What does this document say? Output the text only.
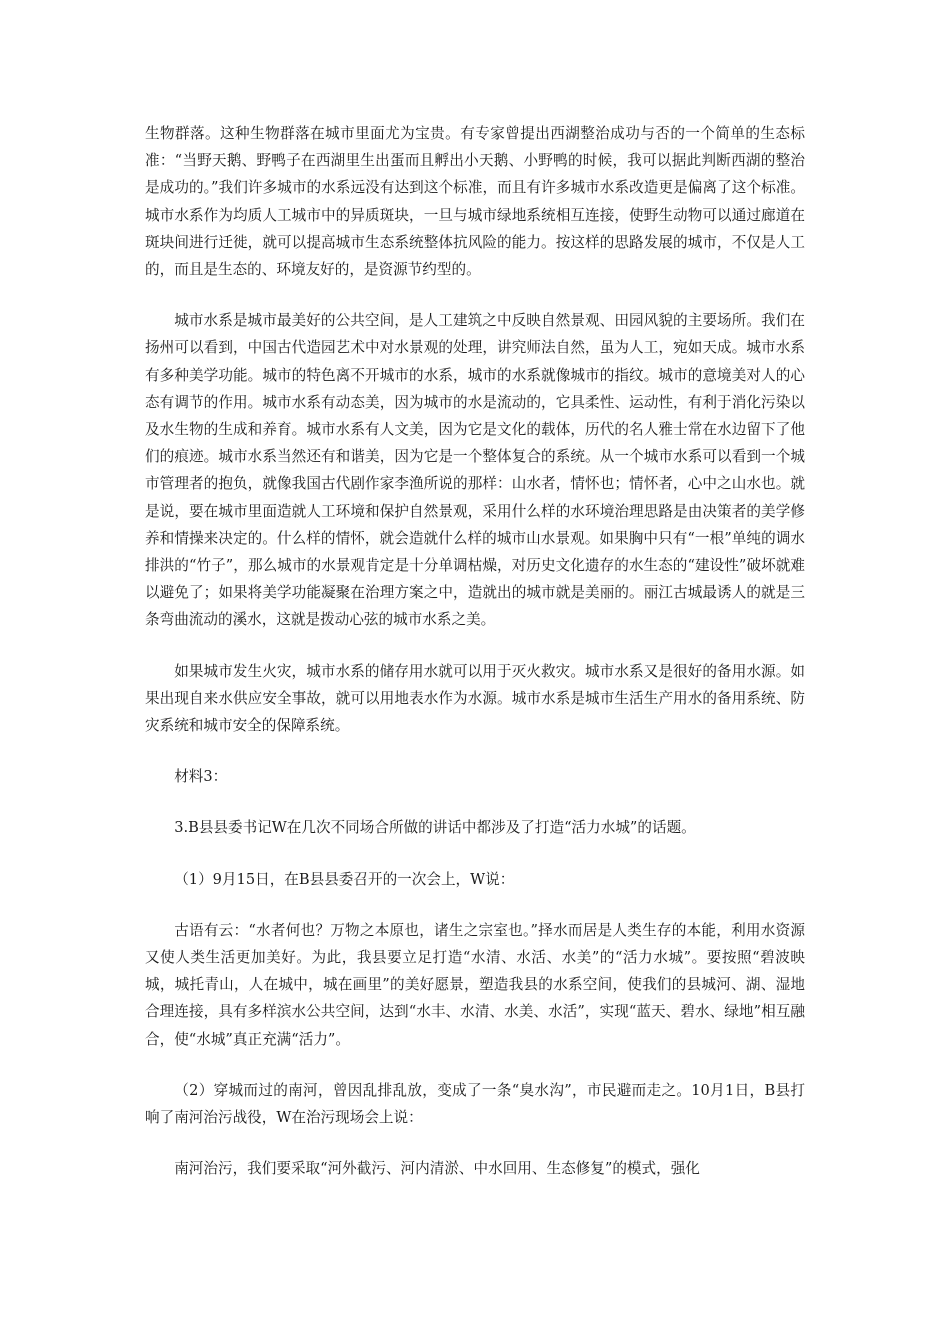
生物群落。这种生物群落在城市里面尤为宝贵。有专家曾提出西湖整治成功与否的一个简单的生态标准：“当野天鹅、野鸭子在西湖里生出蛋而且孵出小天鹅、小野鸭的时候，我可以据此判断西湖的整治是成功的。”我们许多城市的水系远没有达到这个标准，而且有许多城市水系改造更是偏离了这个标准。城市水系作为均质人工城市中的异质斑块，一旦与城市绿地系统相互连接，使野生动物可以通过廊道在斑块间进行迁徙，就可以提高城市生态系统整体抗风险的能力。按这样的思路发展的城市，不仅是人工的，而且是生态的、环境友好的，是资源节约型的。

城市水系是城市最美好的公共空间，是人工建筑之中反映自然景观、田园风貌的主要场所。我们在扬州可以看到，中国古代造园艺术中对水景观的处理，讲究师法自然，虽为人工，宛如天成。城市水系有多种美学功能。城市的特色离不开城市的水系，城市的水系就像城市的指纹。城市的意境美对人的心态有调节的作用。城市水系有动态美，因为城市的水是流动的，它具柔性、运动性，有利于消化污染以及水生物的生成和养育。城市水系有人文美，因为它是文化的载体，历代的名人雅士常在水边留下了他们的痕迹。城市水系当然还有和谐美，因为它是一个整体复合的系统。从一个城市水系可以看到一个城市管理者的抱负，就像我国古代剧作家李渔所说的那样：山水者，情怀也；情怀者，心中之山水也。就是说，要在城市里面造就人工环境和保护自然景观，采用什么样的水环境治理思路是由决策者的美学修养和情操来决定的。什么样的情怀，就会造就什么样的城市山水景观。如果胸中只有“一根”单纯的调水排洪的“竹子”，那么城市的水景观肯定是十分单调枯燥，对历史文化遗存的水生态的“建设性”破坏就难以避免了；如果将美学功能凝聚在治理方案之中，造就出的城市就是美丽的。丽江古城最诱人的就是三条弯曲流动的溪水，这就是拨动心弦的城市水系之美。

如果城市发生火灾，城市水系的储存用水就可以用于灭火救灾。城市水系又是很好的备用水源。如果出现自来水供应安全事故，就可以用地表水作为水源。城市水系是城市生活生产用水的备用系统、防灾系统和城市安全的保障系统。

材料3：

3.B县县委书记W在几次不同场合所做的讲话中都涉及了打造“活力水城”的话题。

（1）9月15日，在B县县委召开的一次会上，W说：

古语有云：“水者何也？万物之本原也，诸生之宗室也。”择水而居是人类生存的本能，利用水资源又使人类生活更加美好。为此，我县要立足打造“水清、水活、水美”的“活力水城”。要按照“碧波映城，城托青山，人在城中，城在画里”的美好愿景，塑造我县的水系空间，使我们的县城河、湖、湿地合理连接，具有多样滨水公共空间，达到“水丰、水清、水美、水活”，实现“蓝天、碧水、绿地”相互融合，使“水城”真正充满“活力”。

（2）穿城而过的南河，曾因乱排乱放，变成了一条“臭水沟”，市民避而走之。10月1日，B县打响了南河治污战役，W在治污现场会上说：

南河治污，我们要采取“河外截污、河内清淤、中水回用、生态修复”的模式，强化
